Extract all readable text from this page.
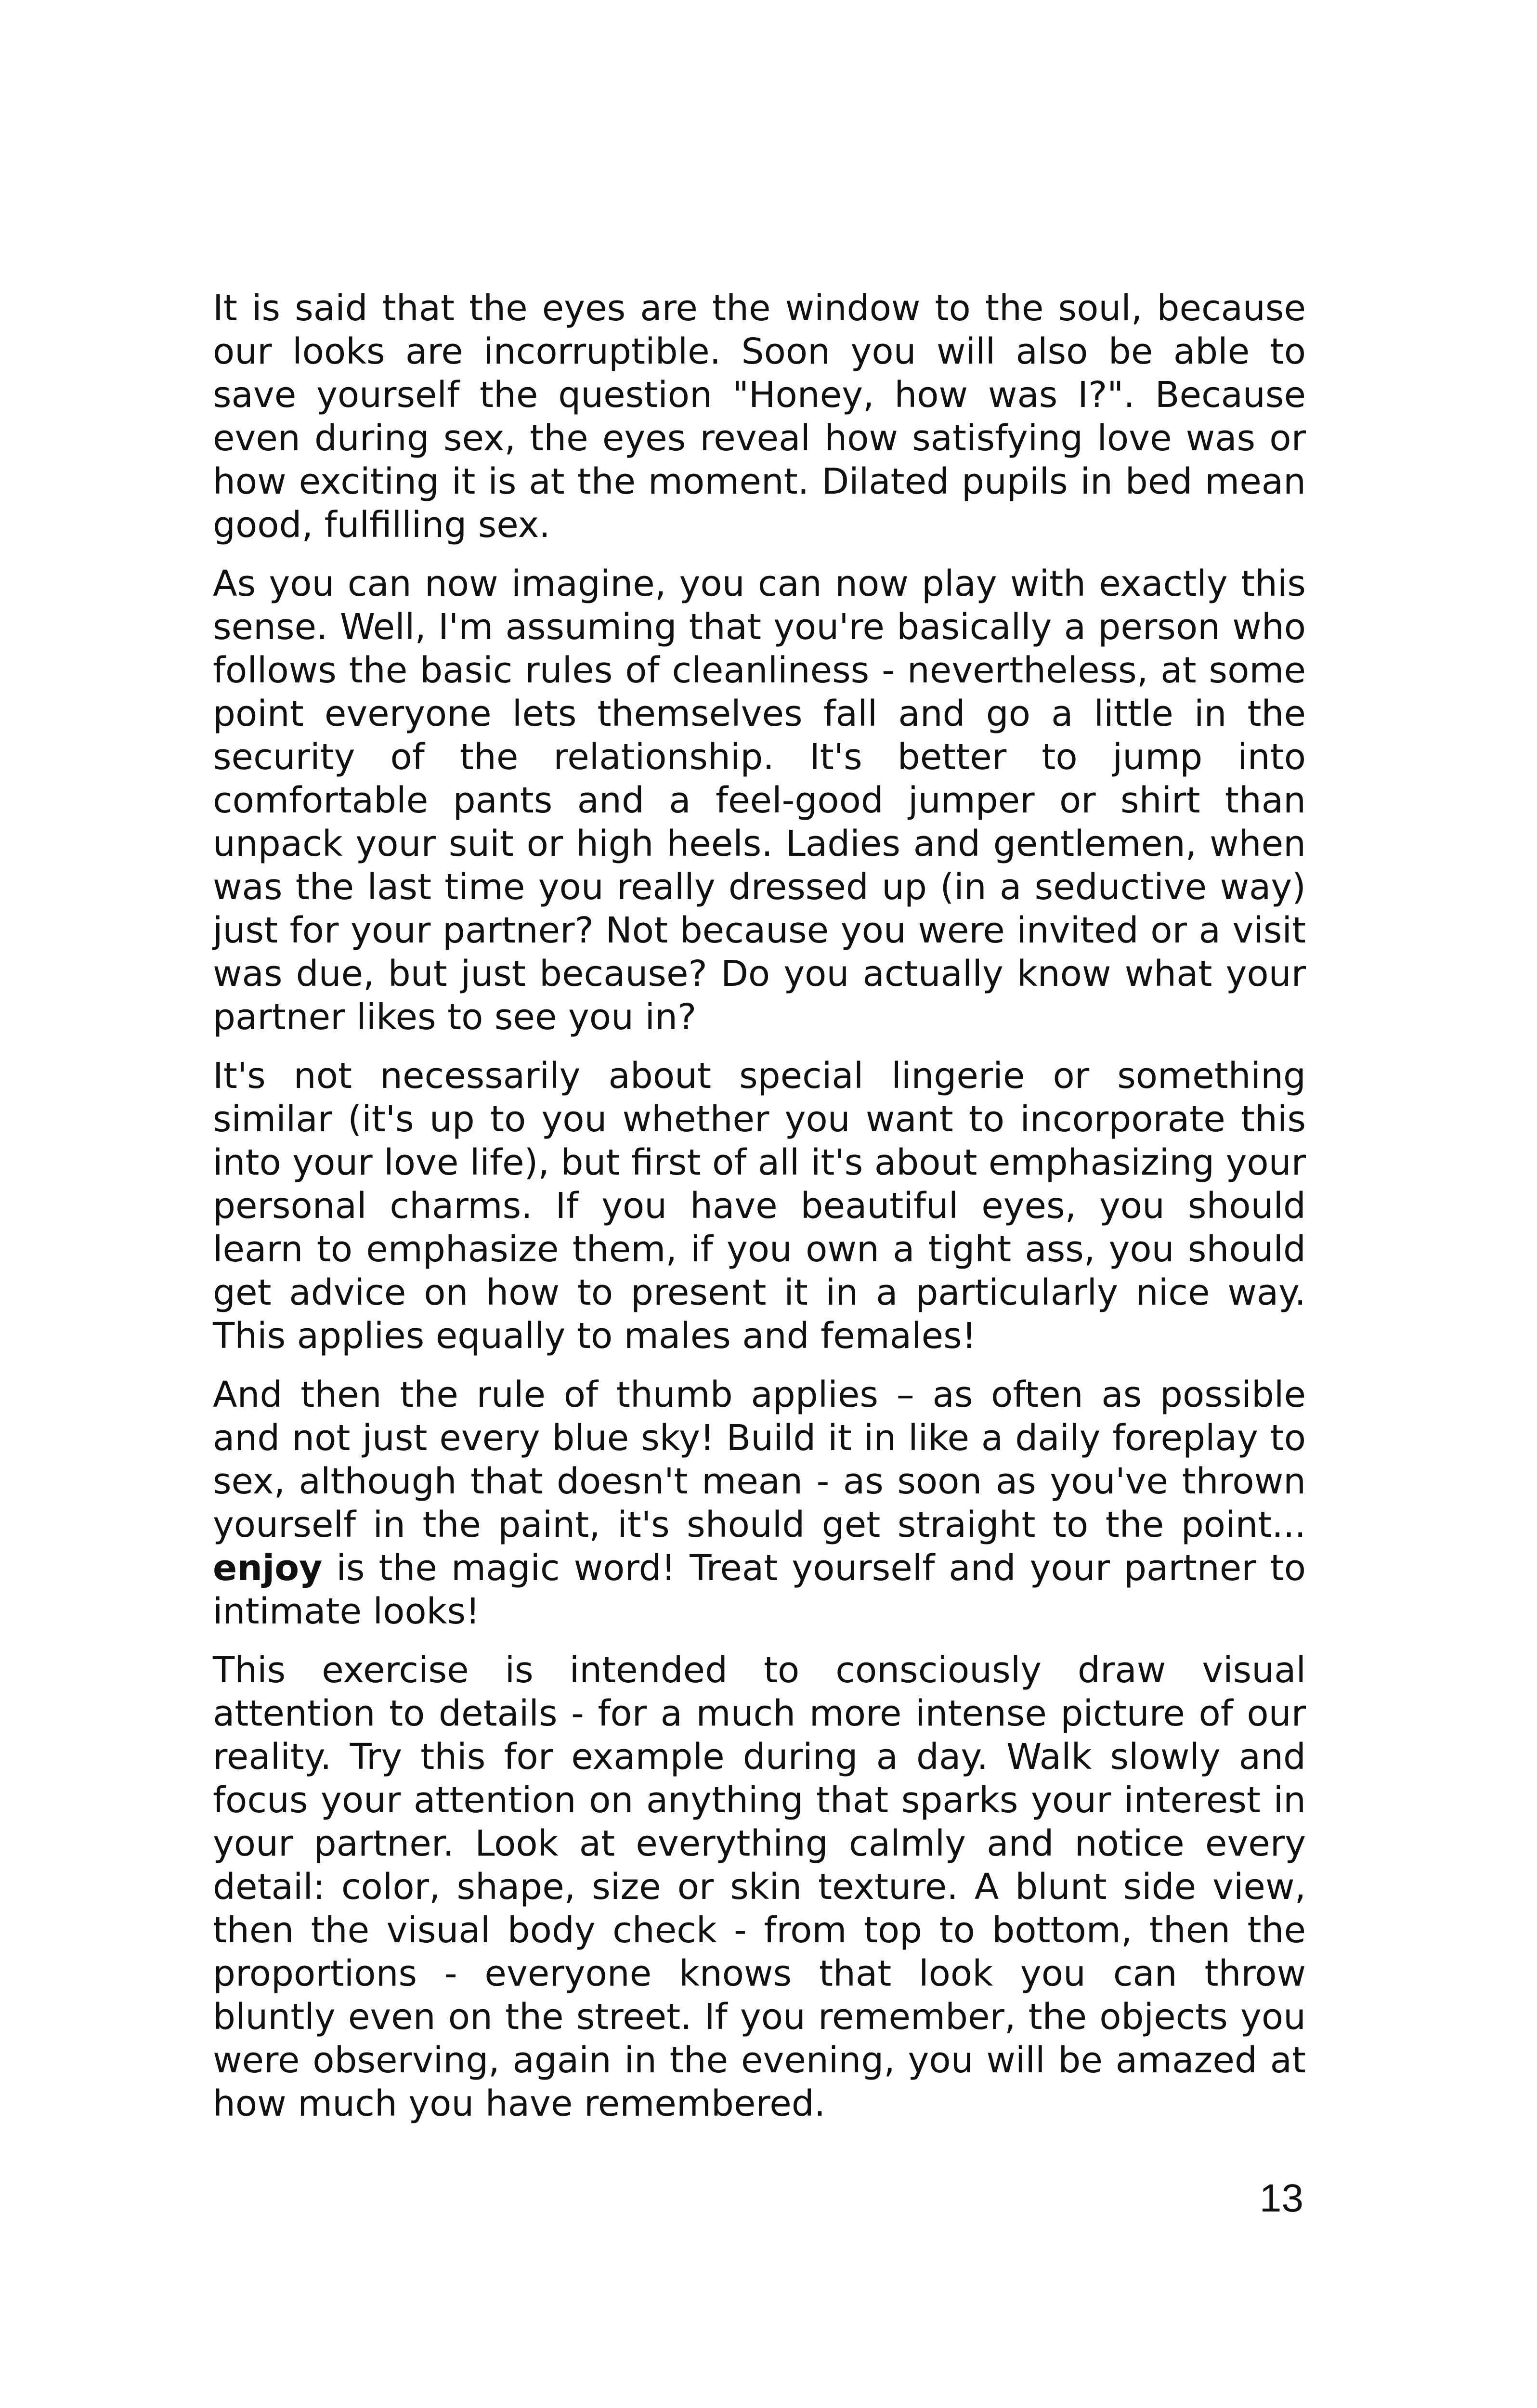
It is said that the eyes are the window to the soul, because our looks are incorruptible. Soon you will also be able to save yourself the question "Honey, how was I?". Because even during sex, the eyes reveal how satisfying love was or how exciting it is at the moment. Dilated pupils in bed mean good, fulfilling sex.

As you can now imagine, you can now play with exactly this sense. Well, I'm assuming that you're basically a person who follows the basic rules of cleanliness - nevertheless, at some point everyone lets themselves fall and go a little in the security of the relationship. It's better to jump into comfortable pants and a feel-good jumper or shirt than unpack your suit or high heels. Ladies and gentlemen, when was the last time you really dressed up (in a seductive way) just for your partner? Not because you were invited or a visit was due, but just because? Do you actually know what your partner likes to see you in?

It's not necessarily about special lingerie or something similar (it's up to you whether you want to incorporate this into your love life), but first of all it's about emphasizing your personal charms. If you have beautiful eyes, you should learn to emphasize them, if you own a tight ass, you should get advice on how to present it in a particularly nice way. This applies equally to males and females!

And then the rule of thumb applies – as often as possible and not just every blue sky! Build it in like a daily foreplay to sex, although that doesn't mean - as soon as you've thrown yourself in the paint, it's should get straight to the point... enjoy is the magic word! Treat yourself and your partner to intimate looks!

This exercise is intended to consciously draw visual attention to details - for a much more intense picture of our reality. Try this for example during a day. Walk slowly and focus your attention on anything that sparks your interest in your partner. Look at everything calmly and notice every detail: color, shape, size or skin texture. A blunt side view, then the visual body check - from top to bottom, then the proportions - everyone knows that look you can throw bluntly even on the street. If you remember, the objects you were observing, again in the evening, you will be amazed at how much you have remembered.

13
